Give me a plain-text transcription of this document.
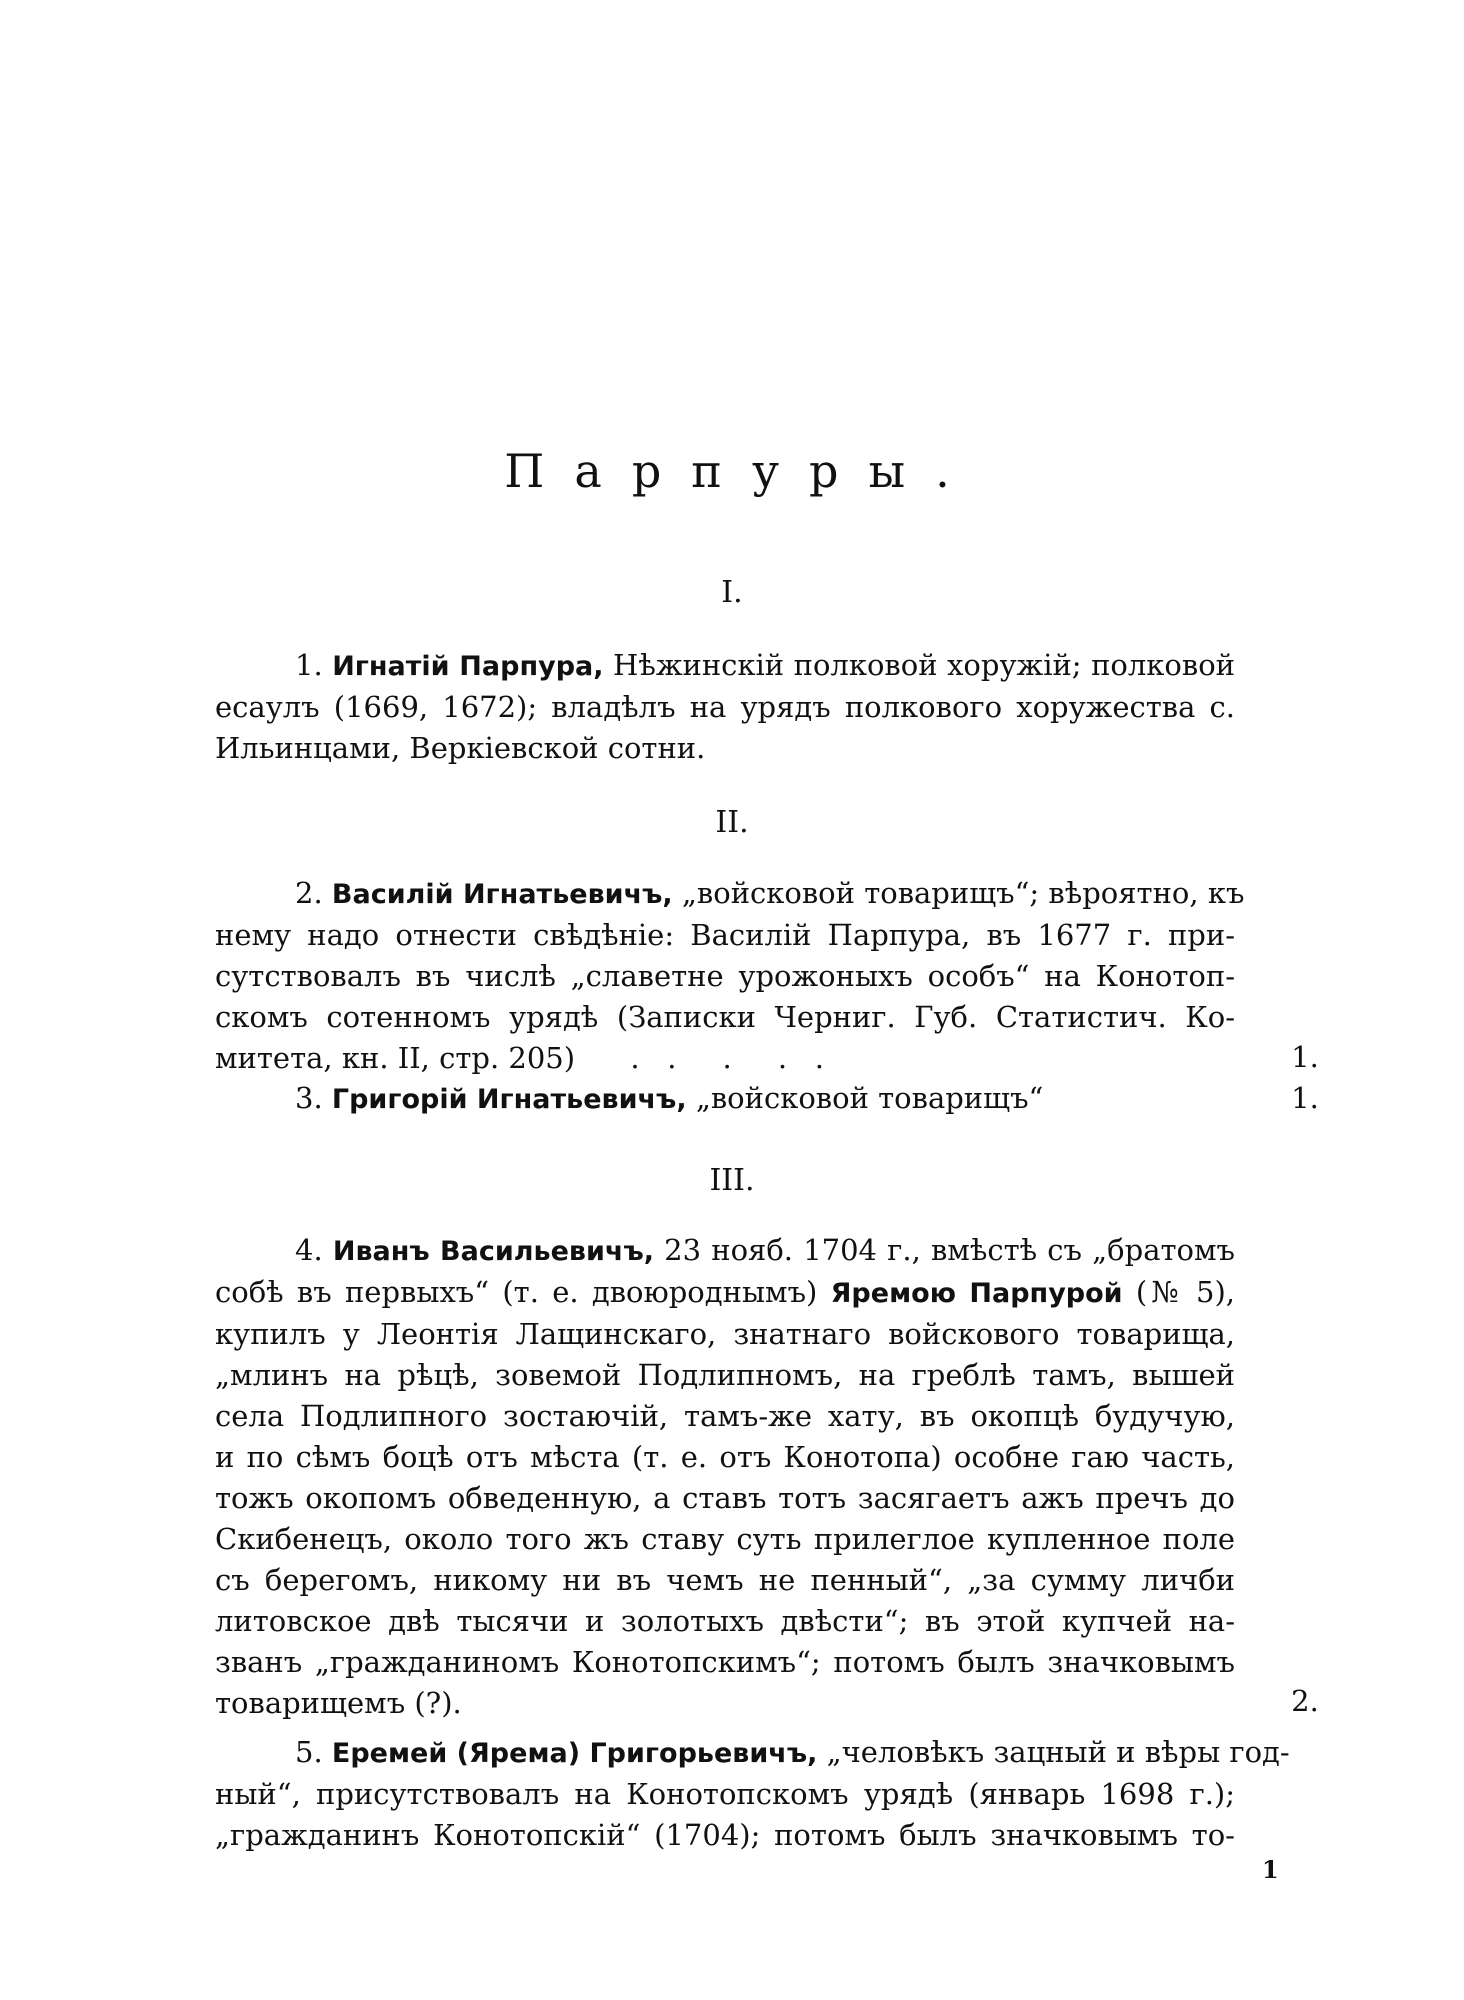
Парпуры.
I.
1. Игнатій Парпура, Нѣжинскій полковой хоружій; полковой
есаулъ (1669, 1672); владѣлъ на урядъ полкового хоружества с.
Ильинцами, Веркіевской сотни.
II.
2. Василій Игнатьевичъ, „войсковой товарищъ“; вѣроятно, къ
нему надо отнести свѣдѣніе: Василій Парпура, въ 1677 г. при-
сутствовалъ въ числѣ „славетне урожоныхъ особъ“ на Конотоп-
скомъ сотенномъ урядѣ (Записки Черниг. Губ. Статистич. Ко-
митета, кн. II, стр. 205)      .   .     .     .   .	1.
3. Григорій Игнатьевичъ, „войсковой товарищъ“	1.
III.
4. Иванъ Васильевичъ, 23 нояб. 1704 г., вмѣстѣ съ „братомъ
собѣ въ первыхъ“ (т. е. двоюроднымъ) Яремою Парпурой (№ 5),
купилъ у Леонтія Лащинскаго, знатнаго войскового товарища,
„млинъ на рѣцѣ, зовемой Подлипномъ, на греблѣ тамъ, вышей
села Подлипного зостаючій, тамъ-же хату, въ окопцѣ будучую,
и по сѣмъ боцѣ отъ мѣста (т. е. отъ Конотопа) особне гаю часть,
тожъ окопомъ обведенную, а ставъ тотъ засягаетъ ажъ пречъ до
Скибенецъ, около того жъ ставу суть прилеглое купленное поле
съ берегомъ, никому ни въ чемъ не пенный“, „за сумму личби
литовское двѣ тысячи и золотыхъ двѣсти“; въ этой купчей на-
званъ „гражданиномъ Конотопскимъ“; потомъ былъ значковымъ
товарищемъ (?).	2.
5. Еремей (Ярема) Григорьевичъ, „человѣкъ зацный и вѣры год-
ный“, присутствовалъ на Конотопскомъ урядѣ (январь 1698 г.);
„гражданинъ Конотопскій“ (1704); потомъ былъ значковымъ то-
1
